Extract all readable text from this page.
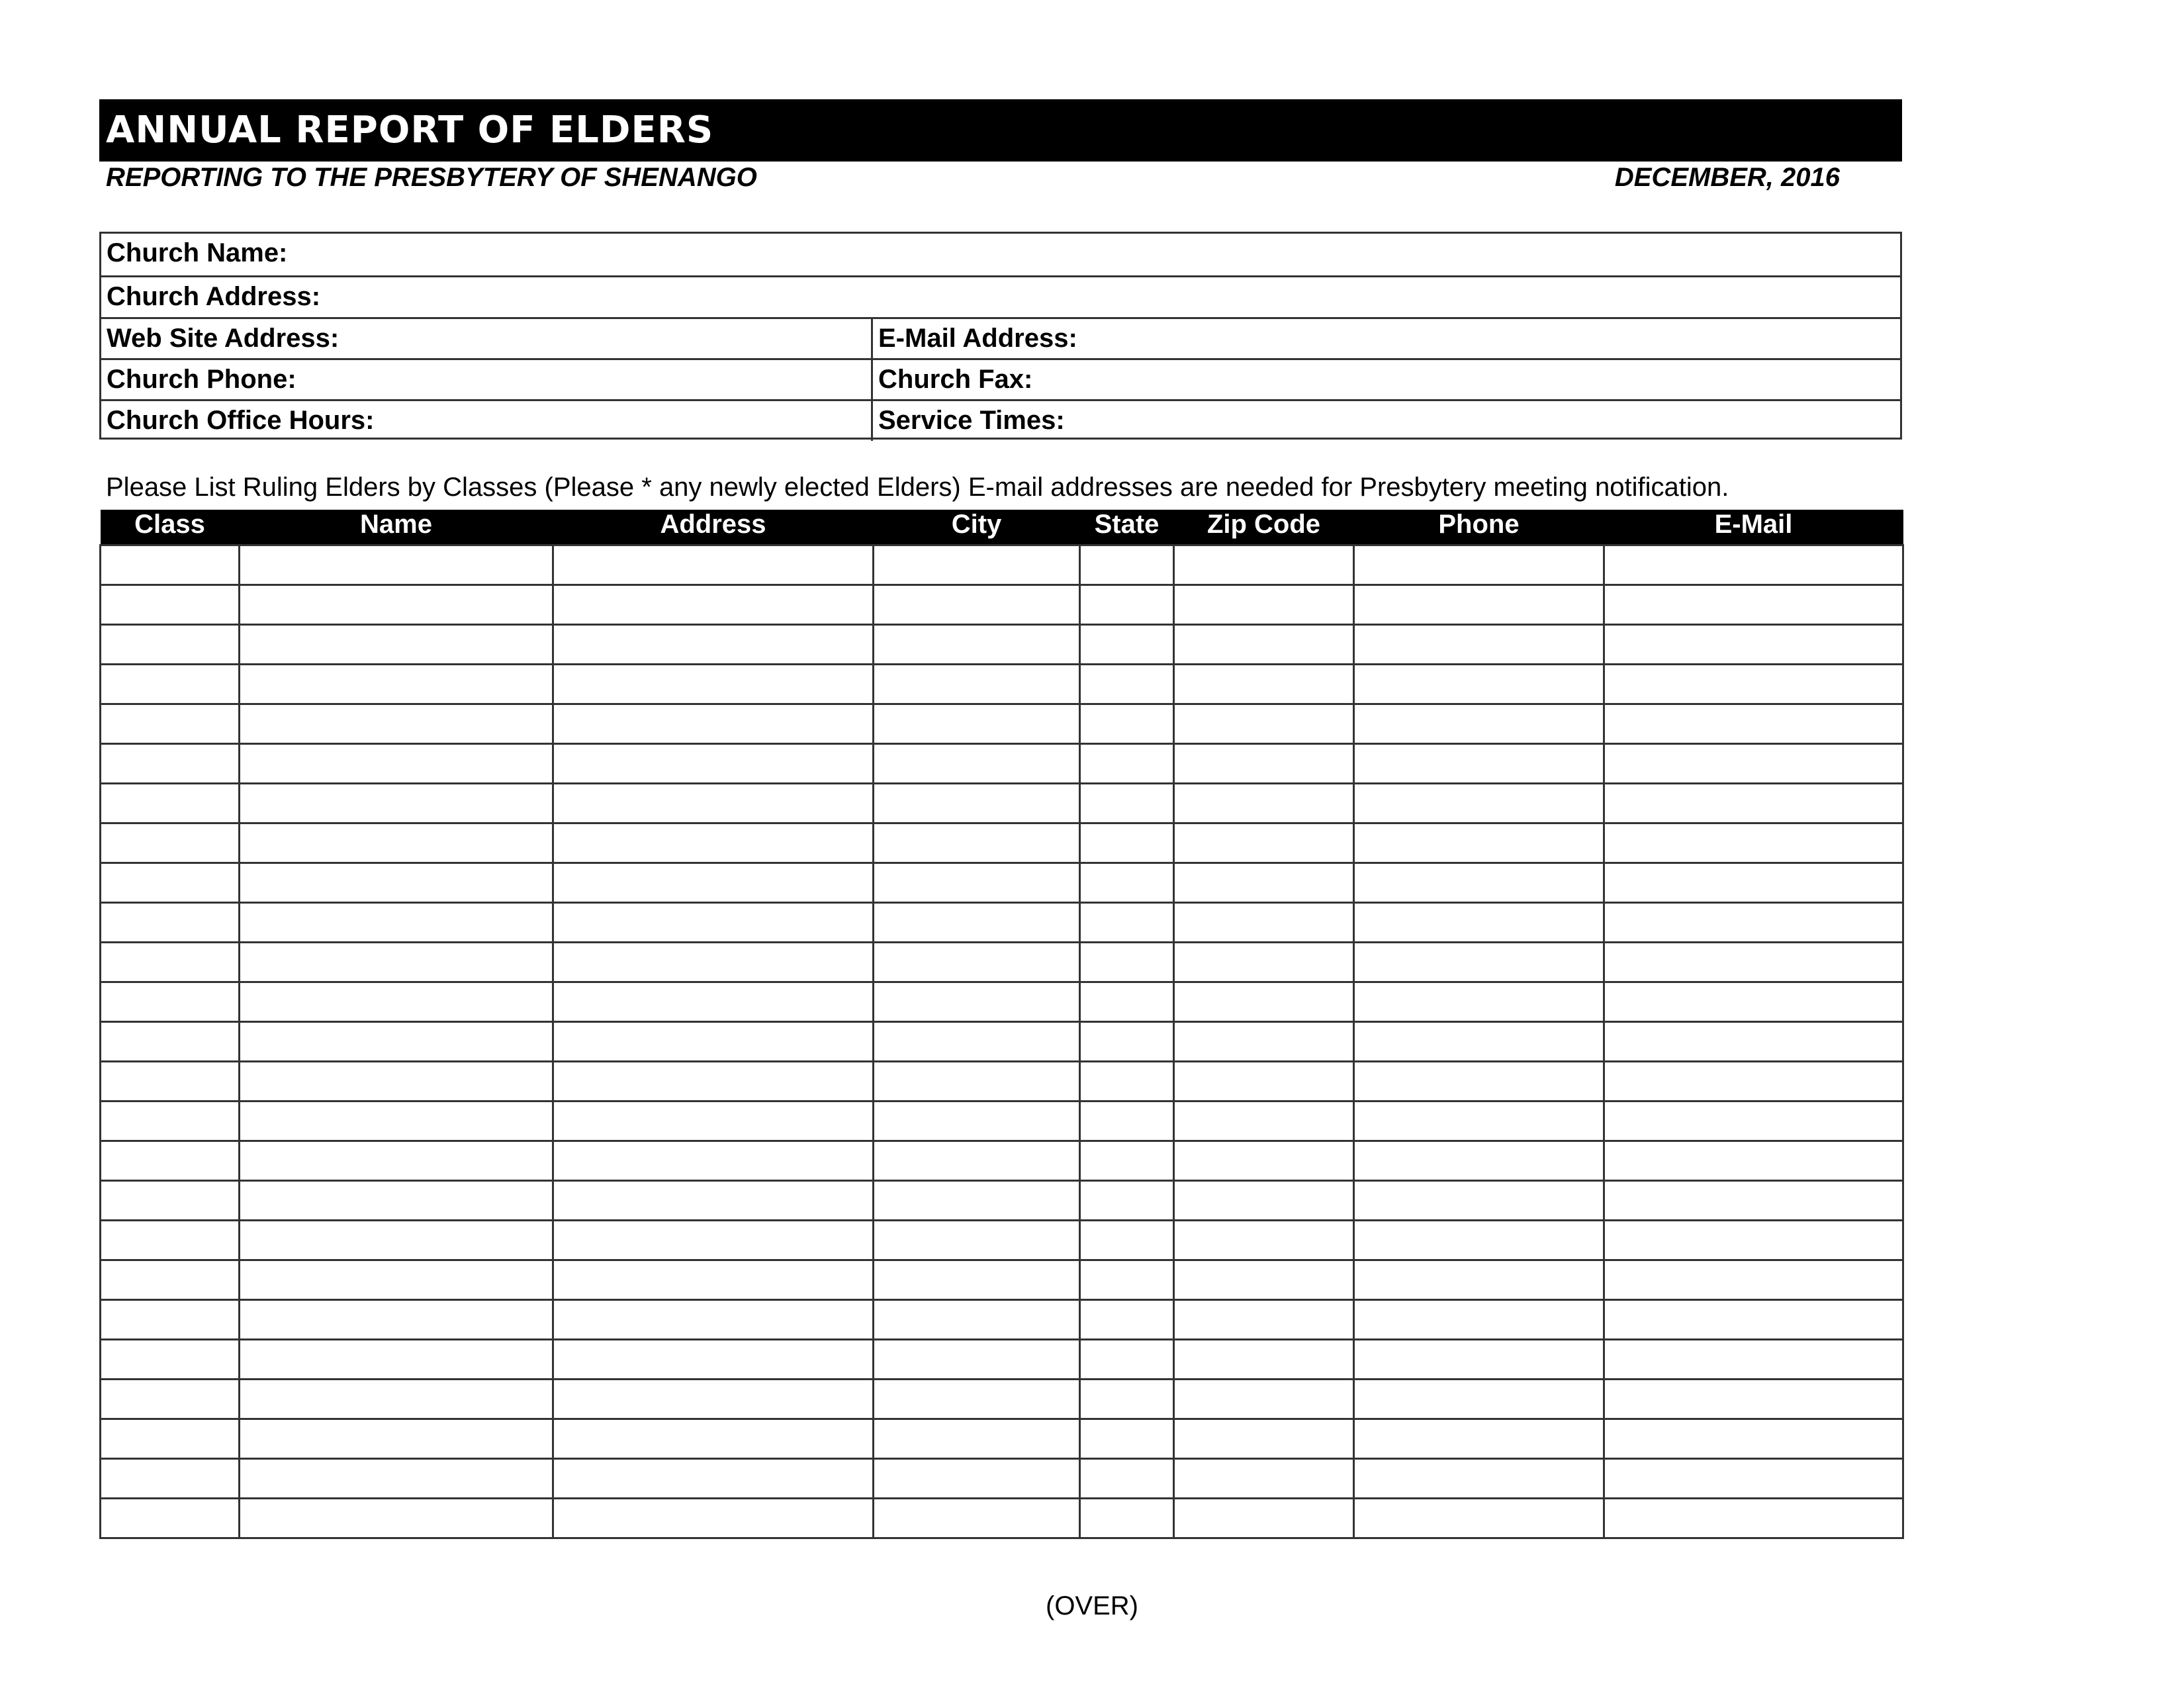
ANNUAL REPORT OF ELDERS
REPORTING TO THE PRESBYTERY OF SHENANGO	DECEMBER, 2016
Church Name:
Church Address:
Web Site Address:	E-Mail Address:
Church Phone:	Church Fax:
Church Office Hours:	Service Times:
Please List Ruling Elders by Classes (Please * any newly elected Elders) E-mail addresses are needed for Presbytery meeting notification.
Class	Name	Address	City	State	Zip Code	Phone	E-Mail

(OVER)
